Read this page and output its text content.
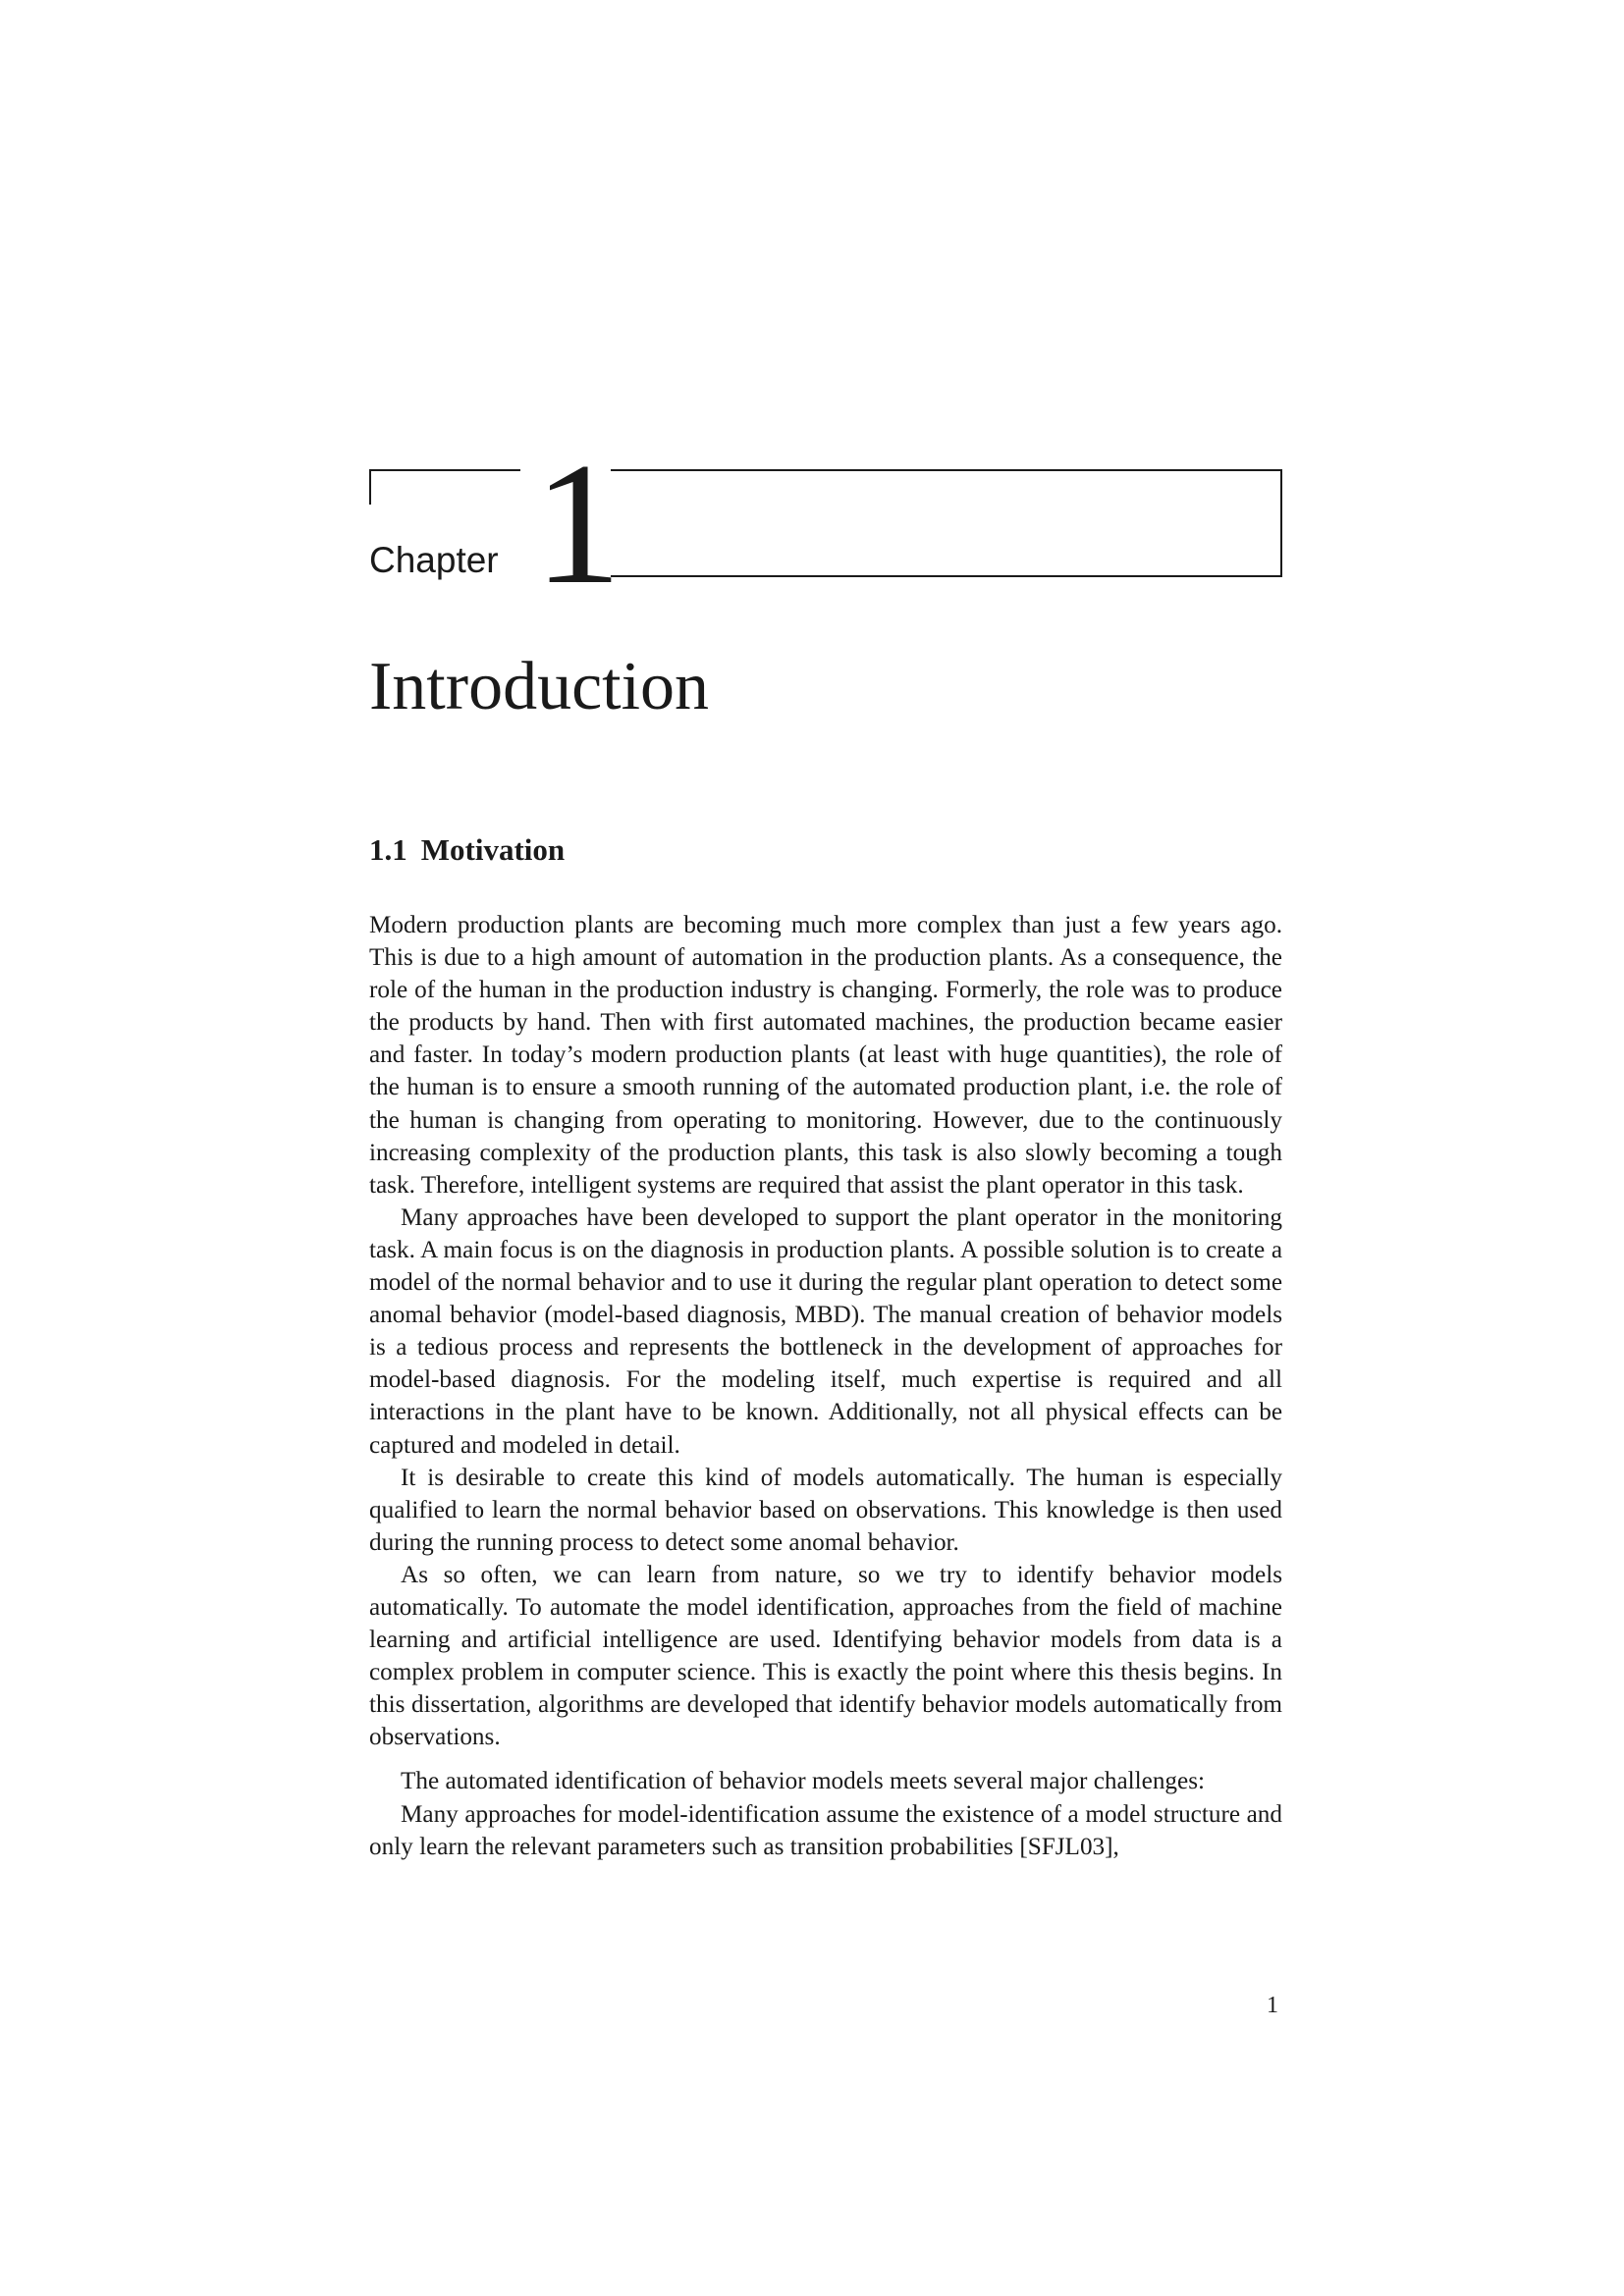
Chapter 1
Introduction
1.1 Motivation

Modern production plants are becoming much more complex than just a few years ago. This is due to a high amount of automation in the production plants. As a consequence, the role of the human in the production industry is changing. Formerly, the role was to produce the products by hand. Then with first automated machines, the production became easier and faster. In today’s modern production plants (at least with huge quantities), the role of the human is to ensure a smooth running of the automated production plant, i.e. the role of the human is changing from operating to monitoring. However, due to the continuously increasing complexity of the production plants, this task is also slowly becoming a tough task. Therefore, intelligent systems are required that assist the plant operator in this task.

Many approaches have been developed to support the plant operator in the monitoring task. A main focus is on the diagnosis in production plants. A possible solution is to create a model of the normal behavior and to use it during the regular plant operation to detect some anomal behavior (model-based diagnosis, MBD). The manual creation of behavior models is a tedious process and represents the bottleneck in the development of approaches for model-based diagnosis. For the modeling itself, much expertise is required and all interactions in the plant have to be known. Additionally, not all physical effects can be captured and modeled in detail.

It is desirable to create this kind of models automatically. The human is especially qualified to learn the normal behavior based on observations. This knowledge is then used during the running process to detect some anomal behavior.

As so often, we can learn from nature, so we try to identify behavior models automatically. To automate the model identification, approaches from the field of machine learning and artificial intelligence are used. Identifying behavior models from data is a complex problem in computer science. This is exactly the point where this thesis begins. In this dissertation, algorithms are developed that identify behavior models automatically from observations.

The automated identification of behavior models meets several major challenges:

Many approaches for model-identification assume the existence of a model structure and only learn the relevant parameters such as transition probabilities [SFJL03],

1
